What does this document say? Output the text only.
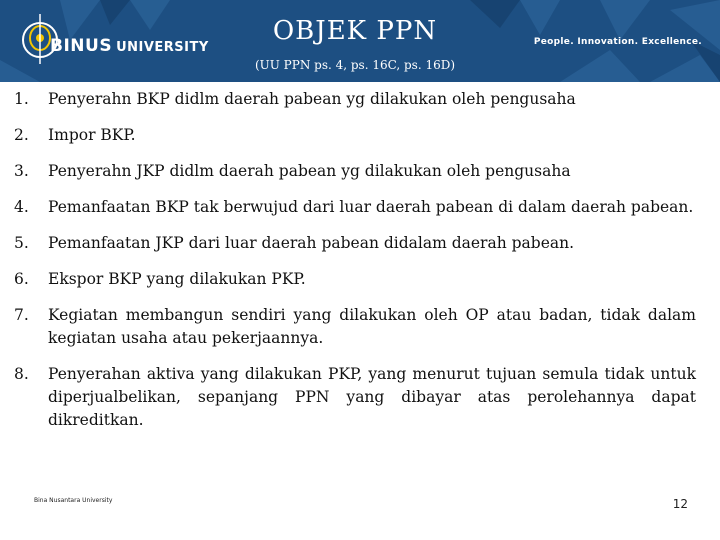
BINUS UNIVERSITY
OBJEK PPN
(UU PPN ps. 4, ps. 16C, ps. 16D)
People. Innovation. Excellence.
1.	Penyerahn BKP didlm daerah pabean yg dilakukan oleh pengusaha
2.	Impor BKP.
3.	Penyerahn JKP didlm daerah pabean yg dilakukan oleh pengusaha
4.	Pemanfaatan BKP tak berwujud dari luar daerah pabean di dalam daerah pabean.
5.	Pemanfaatan JKP dari luar daerah pabean didalam daerah pabean.
6.	Ekspor BKP yang dilakukan PKP.
7.	Kegiatan membangun sendiri yang dilakukan oleh OP atau badan, tidak dalam kegiatan usaha atau pekerjaannya.
8.	Penyerahan aktiva yang dilakukan PKP, yang menurut tujuan semula tidak untuk diperjualbelikan, sepanjang PPN yang dibayar atas perolehannya dapat dikreditkan.
Bina Nusantara University	12
